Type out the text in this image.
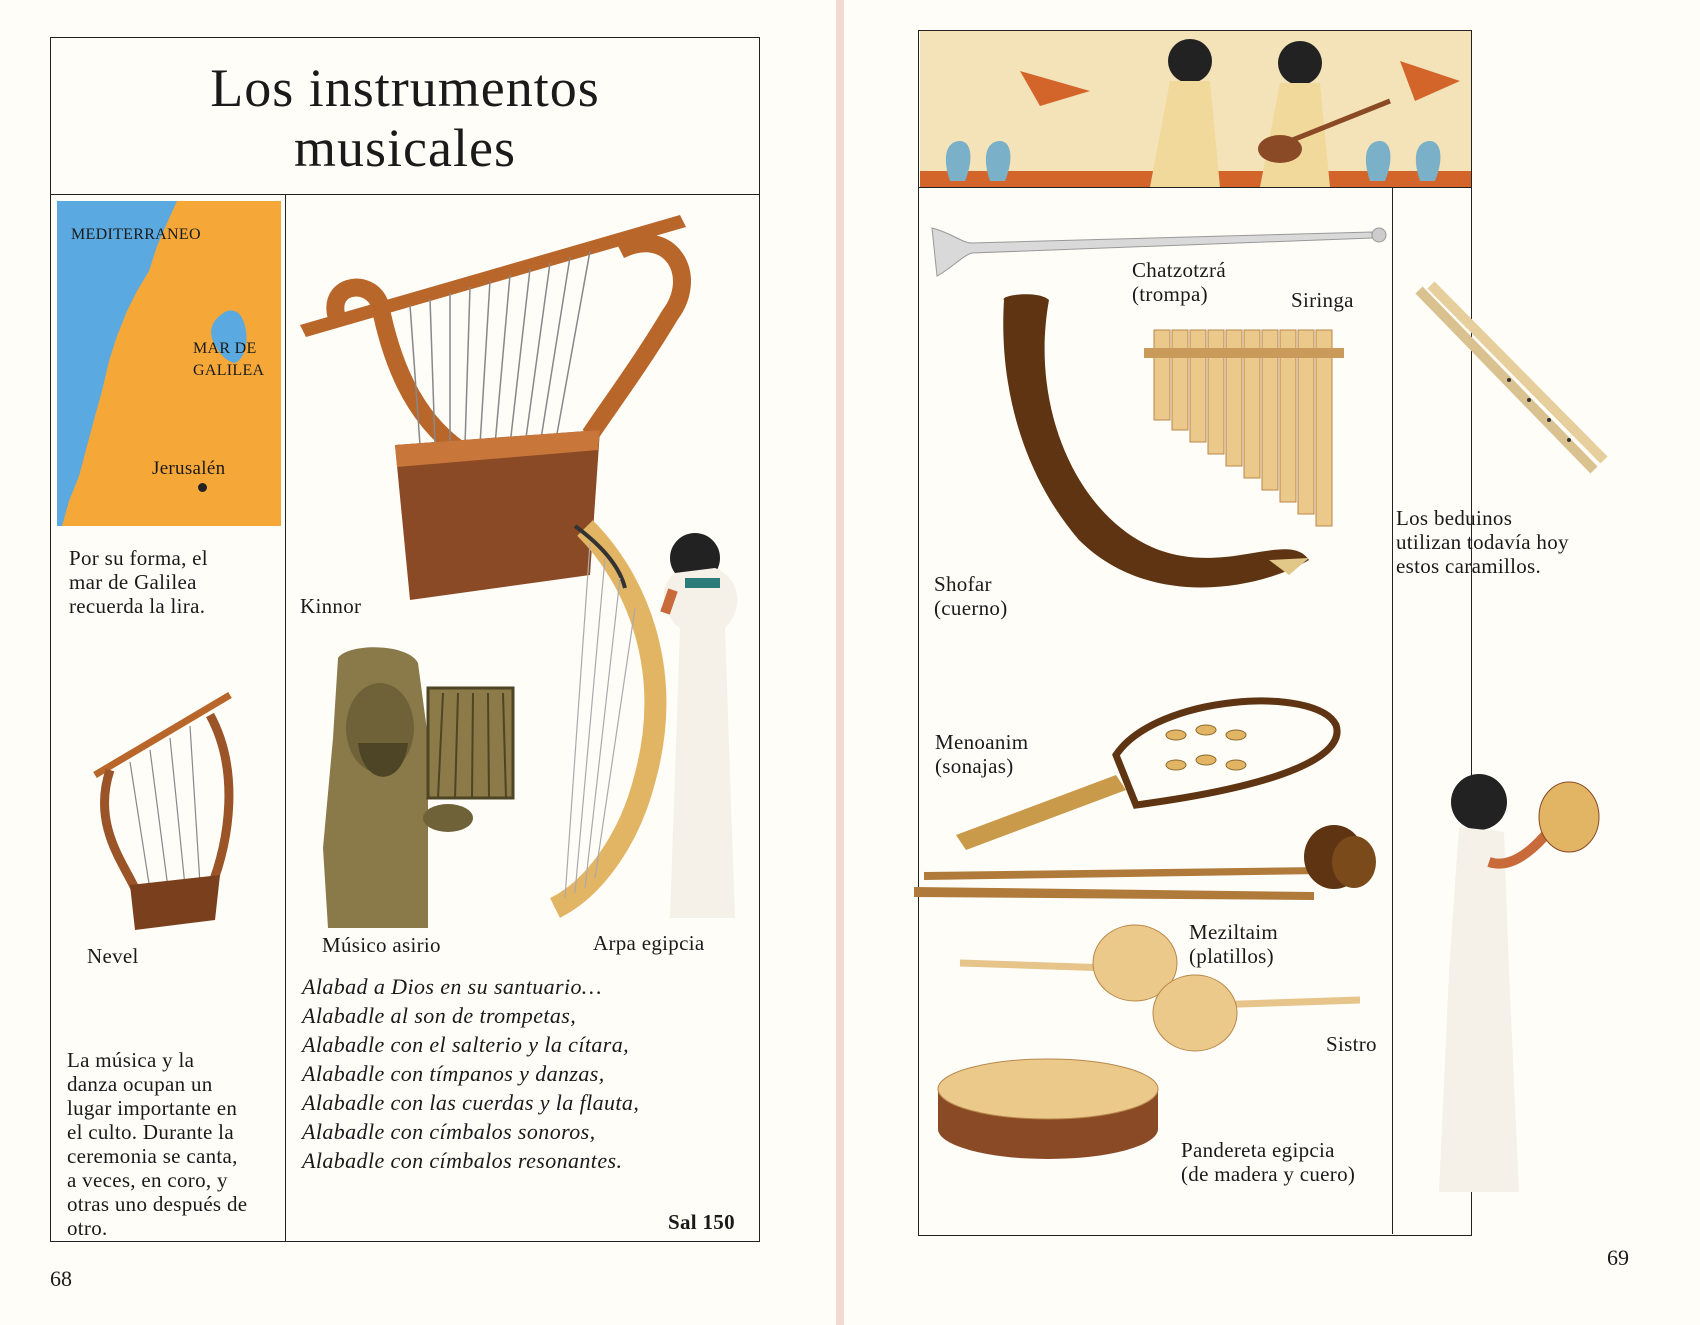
Los instrumentos
musicales
MEDITERRANEO
MAR DE
GALILEA
Jerusalén
Por su forma, el
mar de Galilea
recuerda la lira.	Kinnor
Nevel	Músico asirio	Arpa egipcia
La música y la
danza ocupan un
lugar importante en
el culto. Durante la
ceremonia se canta,
a veces, en coro, y
otras uno después de
otro.
Alabad a Dios en su santuario…
Alabadle al son de trompetas,
Alabadle con el salterio y la cítara,
Alabadle con tímpanos y danzas,
Alabadle con las cuerdas y la flauta,
Alabadle con címbalos sonoros,
Alabadle con címbalos resonantes.
Sal 150
68
Chatzotzrá
(trompa)	Siringa
Shofar
(cuerno)
Los beduinos
utilizan todavía hoy
estos caramillos.
Menoanim
(sonajas)
Meziltaim
(platillos)
Sistro
Pandereta egipcia
(de madera y cuero)
69
